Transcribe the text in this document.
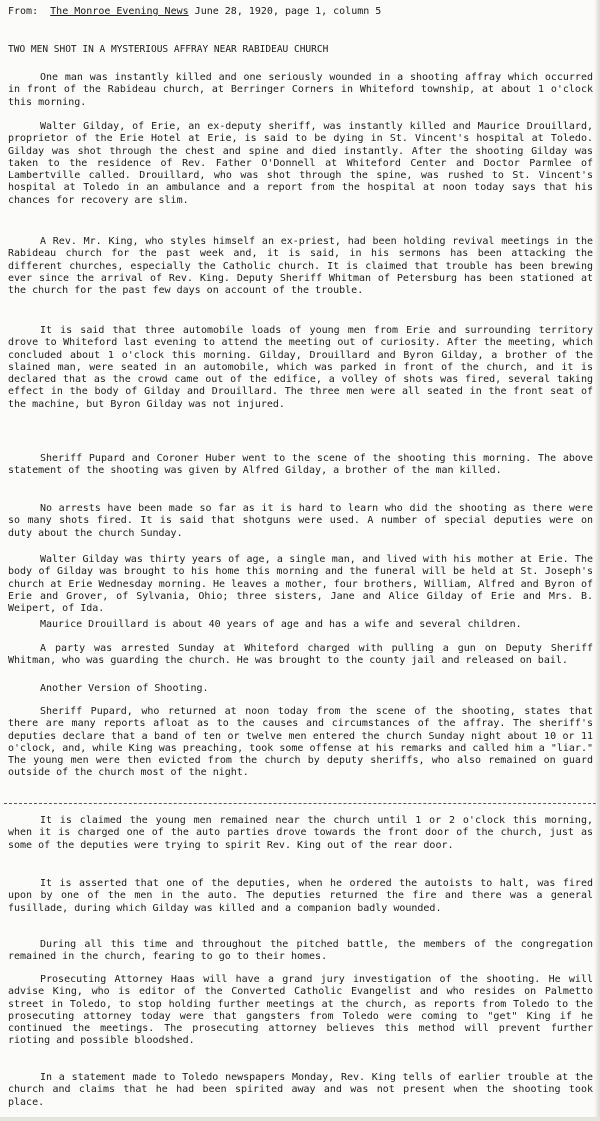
From: The Monroe Evening News June 28, 1920, page 1, column 5
TWO MEN SHOT IN A MYSTERIOUS AFFRAY NEAR RABIDEAU CHURCH

One man was instantly killed and one seriously wounded in a shooting affray which occurred in front of the Rabideau church, at Berringer Corners in Whiteford township, at about 1 o'clock this morning.

Walter Gilday, of Erie, an ex-deputy sheriff, was instantly killed and Maurice Drouillard, proprietor of the Erie Hotel at Erie, is said to be dying in St. Vincent's hospital at Toledo. Gilday was shot through the chest and spine and died instantly. After the shooting Gilday was taken to the residence of Rev. Father O'Donnell at Whiteford Center and Doctor Parmlee of Lambertville called. Drouillard, who was shot through the spine, was rushed to St. Vincent's hospital at Toledo in an ambulance and a report from the hospital at noon today says that his chances for recovery are slim.

A Rev. Mr. King, who styles himself an ex-priest, had been holding revival meetings in the Rabideau church for the past week and, it is said, in his sermons has been attacking the different churches, especially the Catholic church. It is claimed that trouble has been brewing ever since the arrival of Rev. King. Deputy Sheriff Whitman of Petersburg has been stationed at the church for the past few days on account of the trouble.

It is said that three automobile loads of young men from Erie and surrounding territory drove to Whiteford last evening to attend the meeting out of curiosity. After the meeting, which concluded about 1 o'clock this morning. Gilday, Drouillard and Byron Gilday, a brother of the slained man, were seated in an automobile, which was parked in front of the church, and it is declared that as the crowd came out of the edifice, a volley of shots was fired, several taking effect in the body of Gilday and Drouillard. The three men were all seated in the front seat of the machine, but Byron Gilday was not injured.

Sheriff Pupard and Coroner Huber went to the scene of the shooting this morning. The above statement of the shooting was given by Alfred Gilday, a brother of the man killed.

No arrests have been made so far as it is hard to learn who did the shooting as there were so many shots fired. It is said that shotguns were used. A number of special deputies were on duty about the church Sunday.

Walter Gilday was thirty years of age, a single man, and lived with his mother at Erie. The body of Gilday was brought to his home this morning and the funeral will be held at St. Joseph's church at Erie Wednesday morning. He leaves a mother, four brothers, William, Alfred and Byron of Erie and Grover, of Sylvania, Ohio; three sisters, Jane and Alice Gilday of Erie and Mrs. B. Weipert, of Ida.

Maurice Drouillard is about 40 years of age and has a wife and several children.

A party was arrested Sunday at Whiteford charged with pulling a gun on Deputy Sheriff Whitman, who was guarding the church. He was brought to the county jail and released on bail.

Another Version of Shooting.

Sheriff Pupard, who returned at noon today from the scene of the shooting, states that there are many reports afloat as to the causes and circumstances of the affray. The sheriff's deputies declare that a band of ten or twelve men entered the church Sunday night about 10 or 11 o'clock, and, while King was preaching, took some offense at his remarks and called him a "liar." The young men were then evicted from the church by deputy sheriffs, who also remained on guard outside of the church most of the night.

It is claimed the young men remained near the church until 1 or 2 o'clock this morning, when it is charged one of the auto parties drove towards the front door of the church, just as some of the deputies were trying to spirit Rev. King out of the rear door.

It is asserted that one of the deputies, when he ordered the autoists to halt, was fired upon by one of the men in the auto. The deputies returned the fire and there was a general fusillade, during which Gilday was killed and a companion badly wounded.

During all this time and throughout the pitched battle, the members of the congregation remained in the church, fearing to go to their homes.

Prosecuting Attorney Haas will have a grand jury investigation of the shooting. He will advise King, who is editor of the Converted Catholic Evangelist and who resides on Palmetto street in Toledo, to stop holding further meetings at the church, as reports from Toledo to the prosecuting attorney today were that gangsters from Toledo were coming to "get" King if he continued the meetings. The prosecuting attorney believes this method will prevent further rioting and possible bloodshed.

In a statement made to Toledo newspapers Monday, Rev. King tells of earlier trouble at the church and claims that he had been spirited away and was not present when the shooting took place.
